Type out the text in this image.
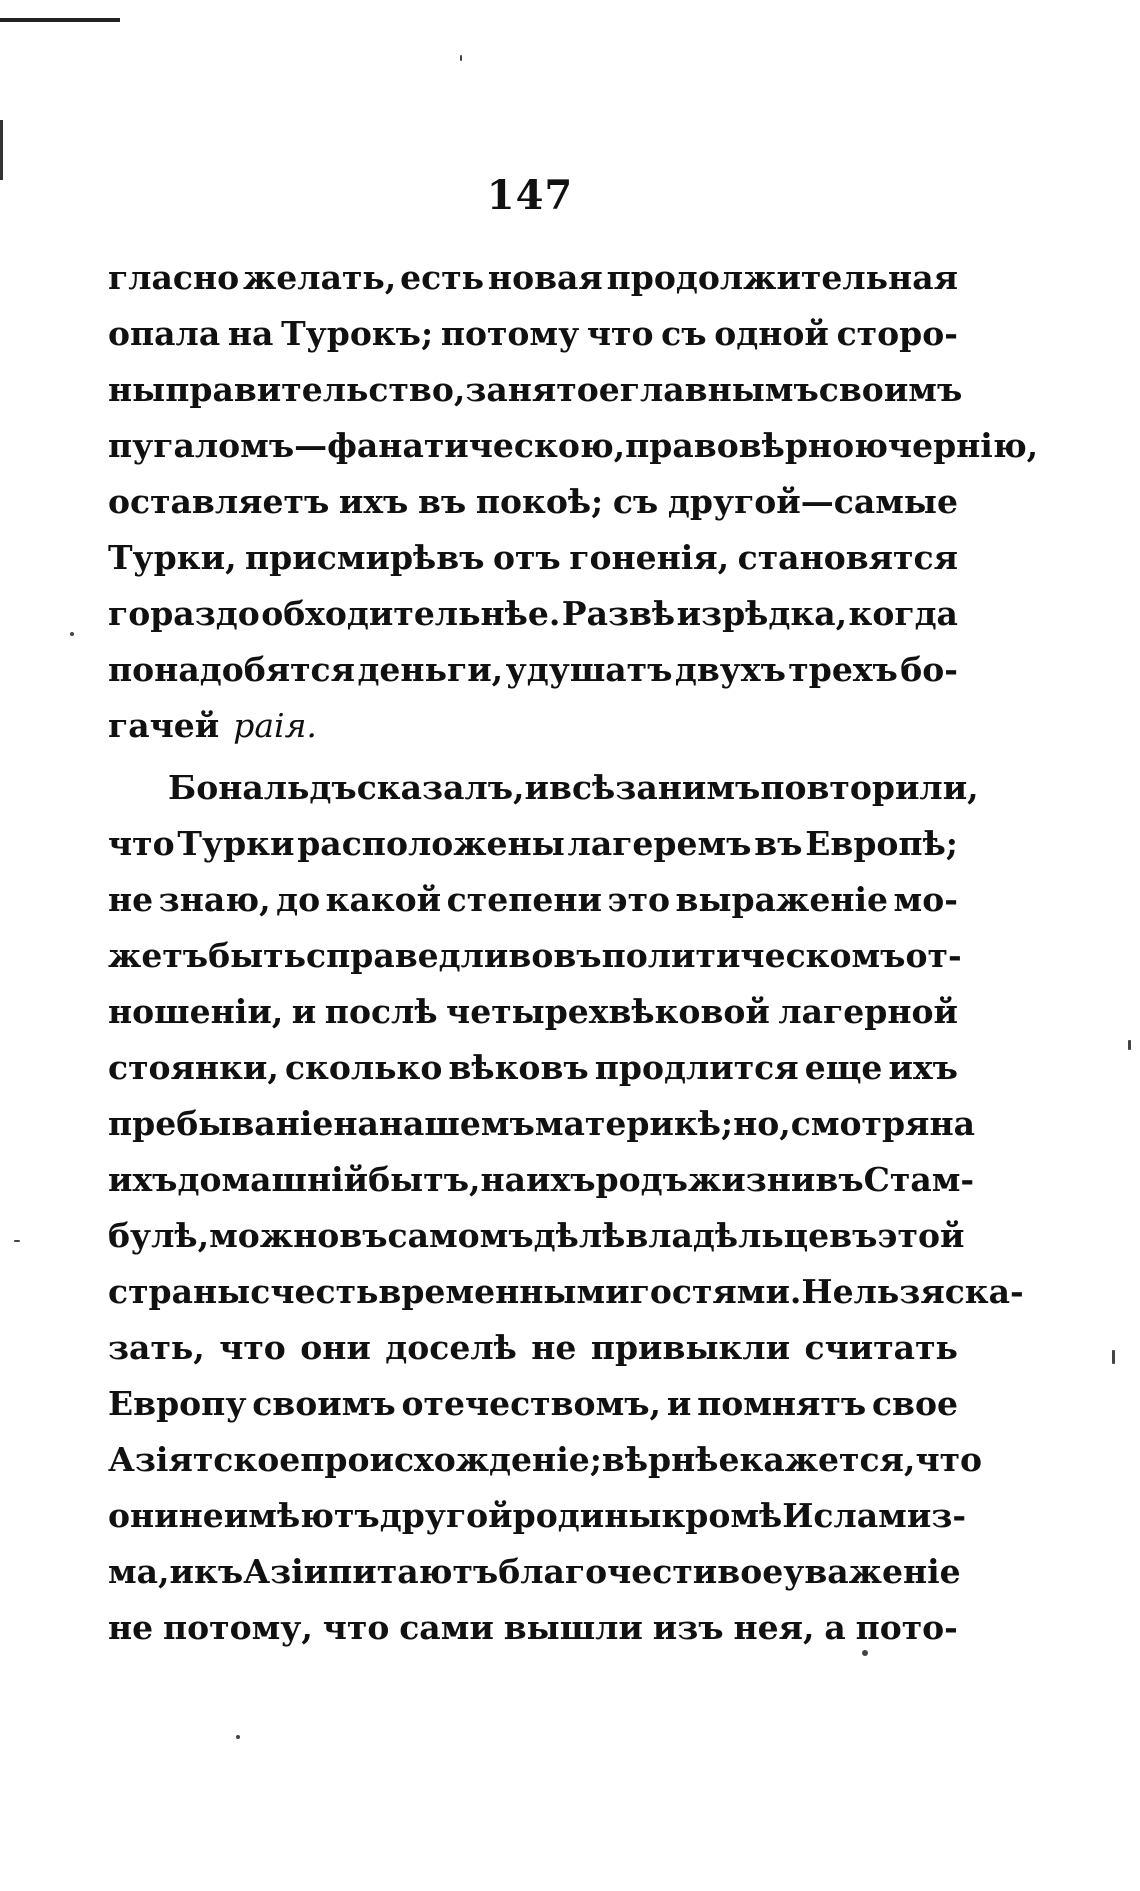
147
гласно желать, есть новая продолжительная
опала на Турокъ; потому что съ одной сторо-
ны правительство, занятое главнымъ своимъ
пугаломъ—фанатическою, правовѣрною чернію,
оставляетъ ихъ въ покоѣ; съ другой—самые
Турки, присмирѣвъ отъ гоненія, становятся
гораздо обходительнѣе. Развѣ изрѣдка, когда
понадобятся деньги, удушатъ двухъ трехъ бо-
гачей раія.
Бональдъ сказалъ, и всѣ за нимъ повторили,
что Турки расположены лагеремъ въ Европѣ;
не знаю, до какой степени это выраженіе мо-
жетъ быть справедливо въ политическомъ от-
ношеніи, и послѣ четырехвѣковой лагерной
стоянки, сколько вѣковъ продлится еще ихъ
пребываніе на нашемъ материкѣ; но, смотря на
ихъ домашній бытъ, на ихъ родъ жизни въ Стам-
булѣ, можно въ самомъ дѣлѣ владѣльцевъ этой
страны счесть временными гостями. Нельзя ска-
зать, что они доселѣ не привыкли считать
Европу своимъ отечествомъ, и помнятъ свое
Азіятское происхожденіе; вѣрнѣе кажется, что
они не имѣютъ другой родины кромѣ Исламиз-
ма, и къ Азіи питаютъ благочестивое уваженіе
не потому, что сами вышли изъ нея, а пото-
